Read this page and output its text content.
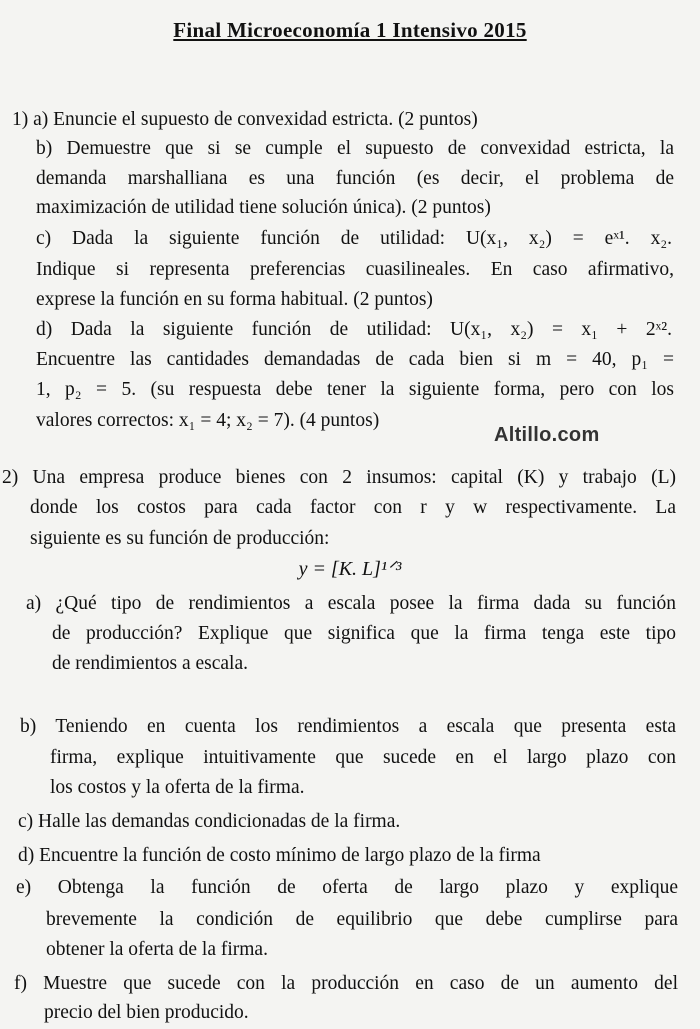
Final Microeconomía 1 Intensivo 2015
1) a) Enuncie el supuesto de convexidad estricta. (2 puntos)
b) Demuestre que si se cumple el supuesto de convexidad estricta, la
demanda marshalliana es una función (es decir, el problema de
maximización de utilidad tiene solución única). (2 puntos)
c) Dada la siguiente función de utilidad: U(x₁, x₂) = eˣ¹. x₂.
Indique si representa preferencias cuasilineales. En caso afirmativo,
exprese la función en su forma habitual. (2 puntos)
d) Dada la siguiente función de utilidad: U(x₁, x₂) = x₁ + 2ˣ².
Encuentre las cantidades demandadas de cada bien si m = 40, p₁ =
1, p₂ = 5. (su respuesta debe tener la siguiente forma, pero con los
valores correctos: x₁ = 4; x₂ = 7). (4 puntos)
Altillo.com
2) Una empresa produce bienes con 2 insumos: capital (K) y trabajo (L)
donde los costos para cada factor con r y w respectivamente. La
siguiente es su función de producción:
y = [K. L]¹ᐟ³
a) ¿Qué tipo de rendimientos a escala posee la firma dada su función
de producción? Explique que significa que la firma tenga este tipo
de rendimientos a escala.
b) Teniendo en cuenta los rendimientos a escala que presenta esta
firma, explique intuitivamente que sucede en el largo plazo con
los costos y la oferta de la firma.
c) Halle las demandas condicionadas de la firma.
d) Encuentre la función de costo mínimo de largo plazo de la firma
e) Obtenga la función de oferta de largo plazo y explique
brevemente la condición de equilibrio que debe cumplirse para
obtener la oferta de la firma.
f) Muestre que sucede con la producción en caso de un aumento del
precio del bien producido.
